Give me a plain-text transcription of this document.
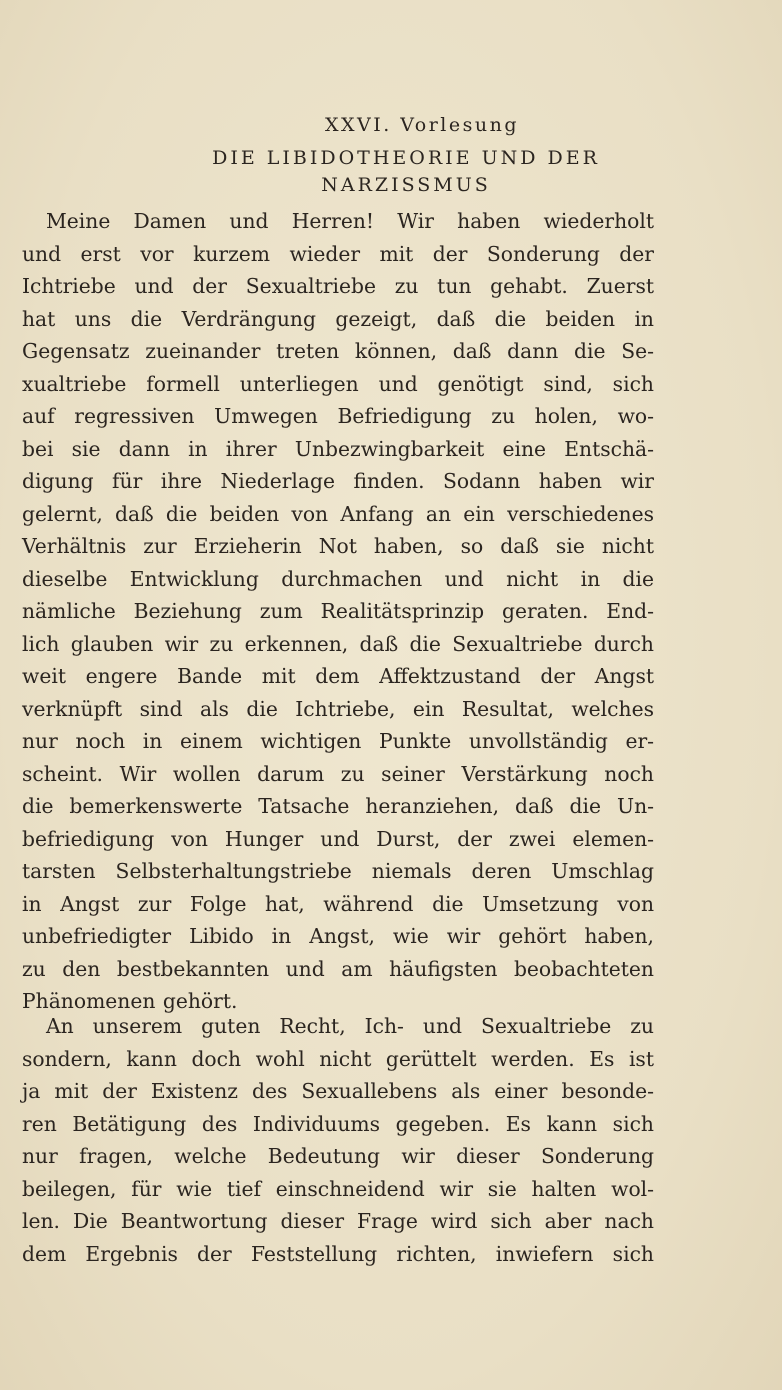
XXVI. Vorlesung
DIE LIBIDOTHEORIE UND DER
NARZISSMUS

Meine Damen und Herren! Wir haben wiederholt
und erst vor kurzem wieder mit der Sonderung der
Ichtriebe und der Sexualtriebe zu tun gehabt. Zuerst
hat uns die Verdrängung gezeigt, daß die beiden in
Gegensatz zueinander treten können, daß dann die Se-
xualtriebe formell unterliegen und genötigt sind, sich
auf regressiven Umwegen Befriedigung zu holen, wo-
bei sie dann in ihrer Unbezwingbarkeit eine Entschä-
digung für ihre Niederlage finden. Sodann haben wir
gelernt, daß die beiden von Anfang an ein verschiedenes
Verhältnis zur Erzieherin Not haben, so daß sie nicht
dieselbe Entwicklung durchmachen und nicht in die
nämliche Beziehung zum Realitätsprinzip geraten. End-
lich glauben wir zu erkennen, daß die Sexualtriebe durch
weit engere Bande mit dem Affektzustand der Angst
verknüpft sind als die Ichtriebe, ein Resultat, welches
nur noch in einem wichtigen Punkte unvollständig er-
scheint. Wir wollen darum zu seiner Verstärkung noch
die bemerkenswerte Tatsache heranziehen, daß die Un-
befriedigung von Hunger und Durst, der zwei elemen-
tarsten Selbsterhaltungstriebe niemals deren Umschlag
in Angst zur Folge hat, während die Umsetzung von
unbefriedigter Libido in Angst, wie wir gehört haben,
zu den bestbekannten und am häufigsten beobachteten
Phänomenen gehört.

An unserem guten Recht, Ich- und Sexualtriebe zu
sondern, kann doch wohl nicht gerüttelt werden. Es ist
ja mit der Existenz des Sexuallebens als einer besonde-
ren Betätigung des Individuums gegeben. Es kann sich
nur fragen, welche Bedeutung wir dieser Sonderung
beilegen, für wie tief einschneidend wir sie halten wol-
len. Die Beantwortung dieser Frage wird sich aber nach
dem Ergebnis der Feststellung richten, inwiefern sich
